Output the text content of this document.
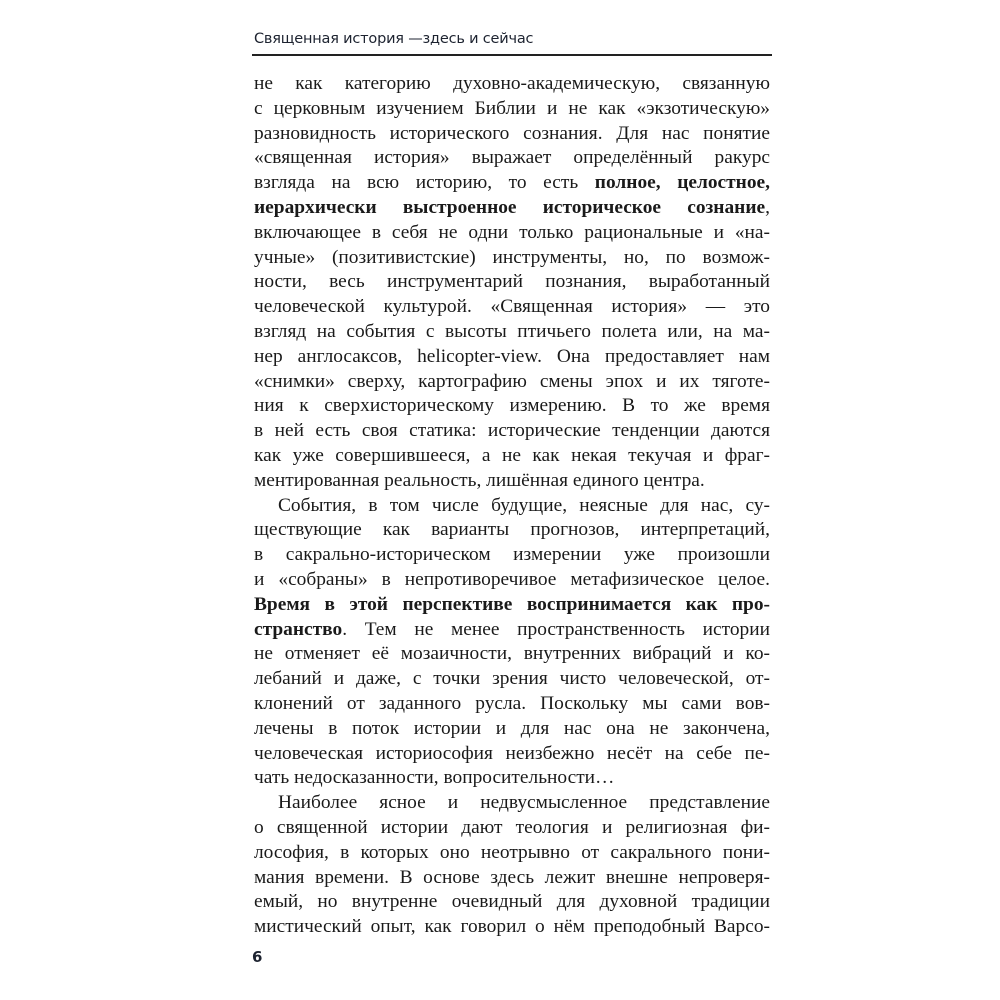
Священная история —здесь и сейчас
не как категорию духовно-академическую, связанную
с церковным изучением Библии и не как «экзотическую»
разновидность исторического сознания. Для нас понятие
«священная история» выражает определённый ракурс
взгляда на всю историю, то есть полное, целостное,
иерархически выстроенное историческое сознание,
включающее в себя не одни только рациональные и «на-
учные» (позитивистские) инструменты, но, по возмож-
ности, весь инструментарий познания, выработанный
человеческой культурой. «Священная история» — это
взгляд на события с высоты птичьего полета или, на ма-
нер англосаксов, helicopter-view. Она предоставляет нам
«снимки» сверху, картографию смены эпох и их тяготе-
ния к сверхисторическому измерению. В то же время
в ней есть своя статика: исторические тенденции даются
как уже совершившееся, а не как некая текучая и фраг-
ментированная реальность, лишённая единого центра.
События, в том числе будущие, неясные для нас, су-
ществующие как варианты прогнозов, интерпретаций,
в сакрально-историческом измерении уже произошли
и «собраны» в непротиворечивое метафизическое целое.
Время в этой перспективе воспринимается как про-
странство. Тем не менее пространственность истории
не отменяет её мозаичности, внутренних вибраций и ко-
лебаний и даже, с точки зрения чисто человеческой, от-
клонений от заданного русла. Поскольку мы сами вов-
лечены в поток истории и для нас она не закончена,
человеческая историософия неизбежно несёт на себе пе-
чать недосказанности, вопросительности…
Наиболее ясное и недвусмысленное представление
о священной истории дают теология и религиозная фи-
лософия, в которых оно неотрывно от сакрального пони-
мания времени. В основе здесь лежит внешне непроверя-
емый, но внутренне очевидный для духовной традиции
мистический опыт, как говорил о нём преподобный Варсо-
6
